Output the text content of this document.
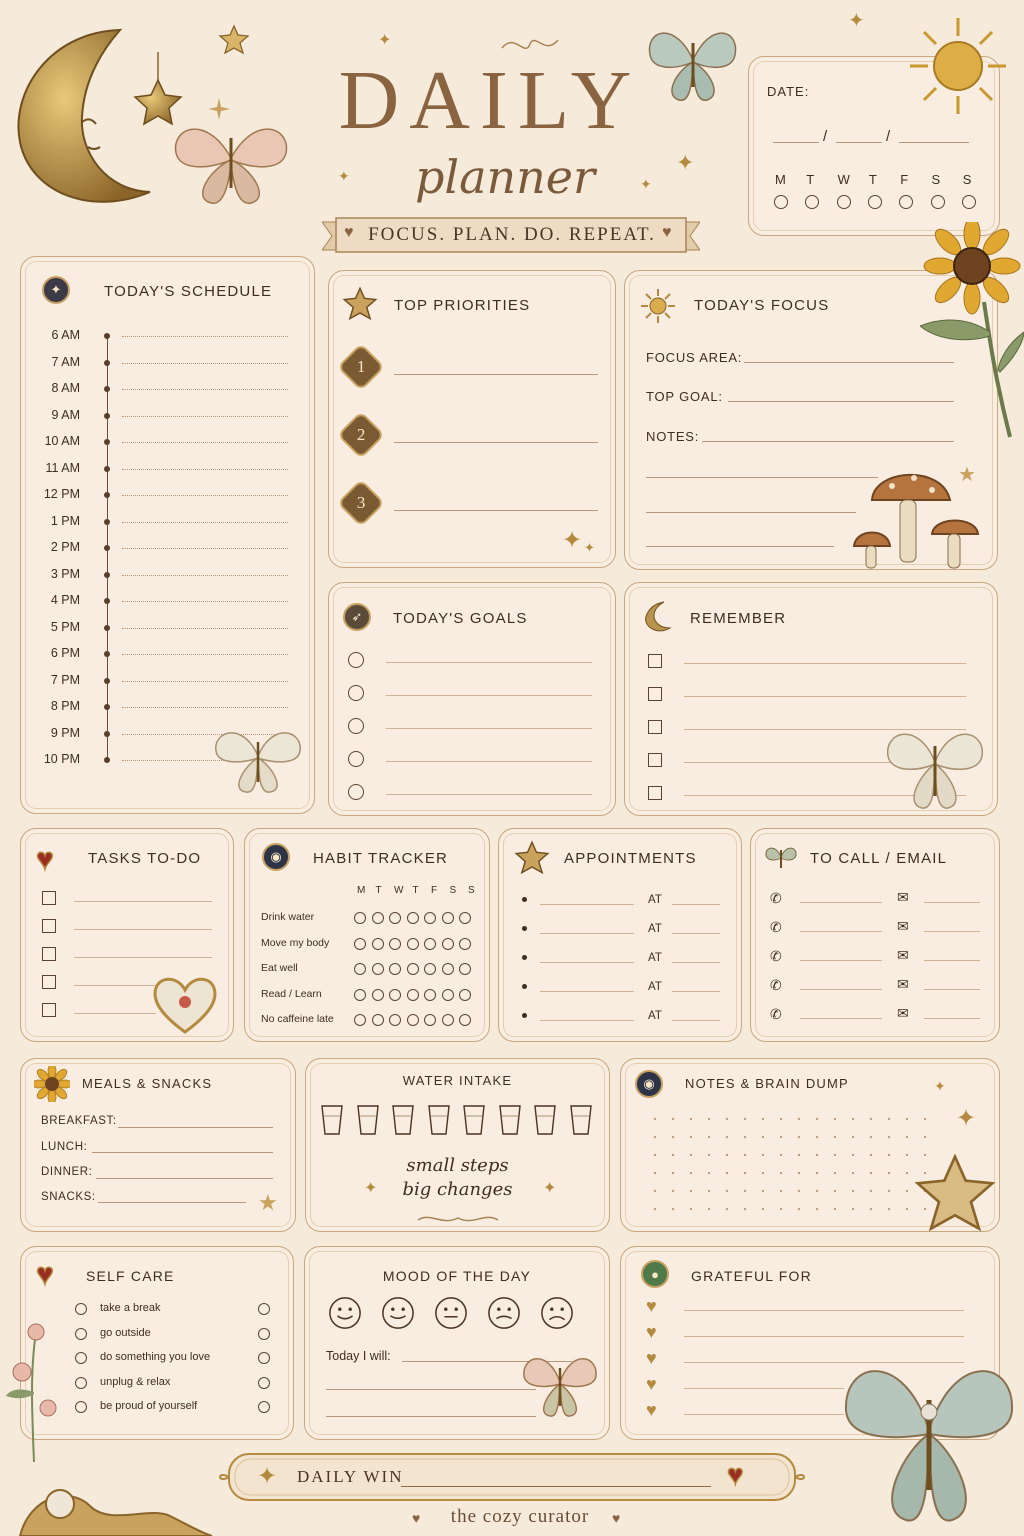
✦
✦
✦	✦
✦
DAILY
planner
♥	♥
FOCUS. PLAN. DO. REPEAT.
DATE:
/	/
M T W T F S S
✦	TODAY'S SCHEDULE
6 AM
7 AM
8 AM
9 AM
10 AM
11 AM
12 PM
1 PM
2 PM
3 PM
4 PM
5 PM
6 PM
7 PM
8 PM
9 PM
10 PM
TOP PRIORITIES
1
2
3
✦ ✦
TODAY'S FOCUS
FOCUS AREA:
TOP GOAL:
NOTES:
★
➶	TODAY'S GOALS	REMEMBER
♥ TASKS TO-DO	◉	HABIT TRACKER
M T W T F S S
Drink water
Move my body
Eat well
Read / Learn
No caffeine late
APPOINTMENTS
AT
AT
AT
AT
AT
TO CALL / EMAIL
✆	✉
✆	✉
✆	✉
✆	✉
✆	✉
MEALS & SNACKS
BREAKFAST:
LUNCH:
DINNER:
SNACKS:	★
WATER INTAKE
small steps
big changes
✦	✦
◉	NOTES & BRAIN DUMP	✦
✦
♥ SELF CARE
take a break
go outside
do something you love
unplug & relax
be proud of yourself
MOOD OF THE DAY
Today I will:
●	GRATEFUL FOR
♥
♥
♥
♥
♥
✦ DAILY WIN	♥
♥	the cozy curator	♥
